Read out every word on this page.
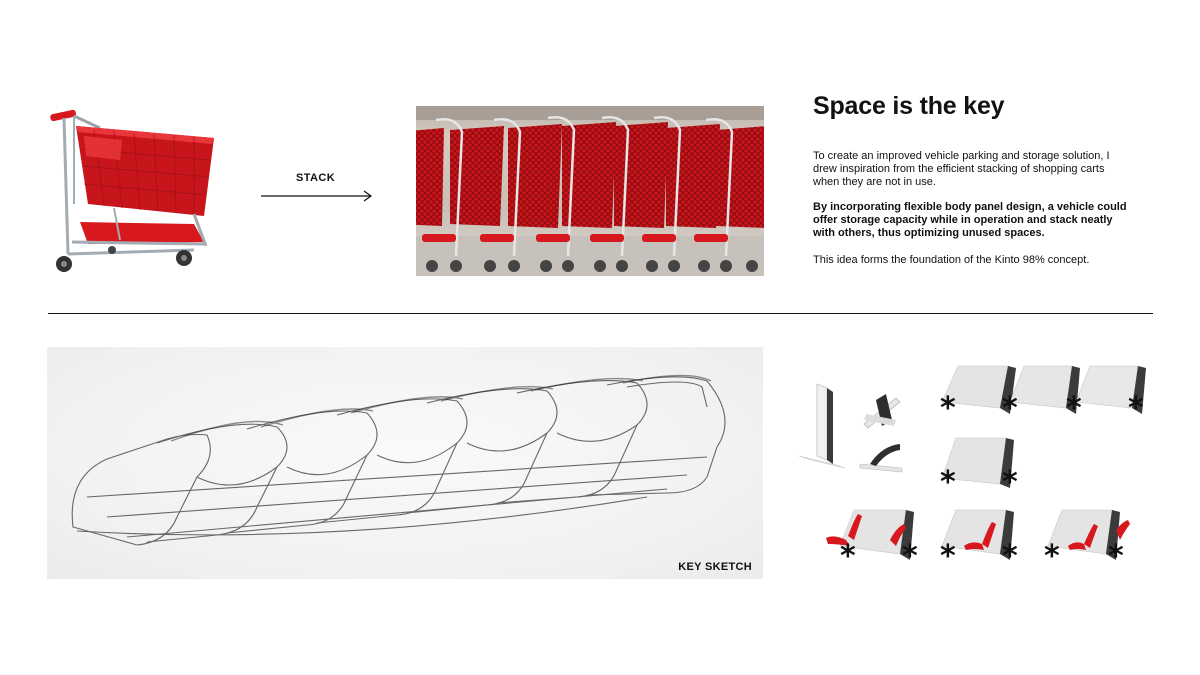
STACK
Space is the key

To create an improved vehicle parking and storage solution, I drew inspiration from the efficient stacking of shopping carts when they are not in use.

By incorporating flexible body panel design, a vehicle could offer storage capacity while in operation and stack neatly with others, thus optimizing unused spaces.

This idea forms the foundation of the Kinto 98% concept.

KEY SKETCH
* * * *
* *
* * * * * *
